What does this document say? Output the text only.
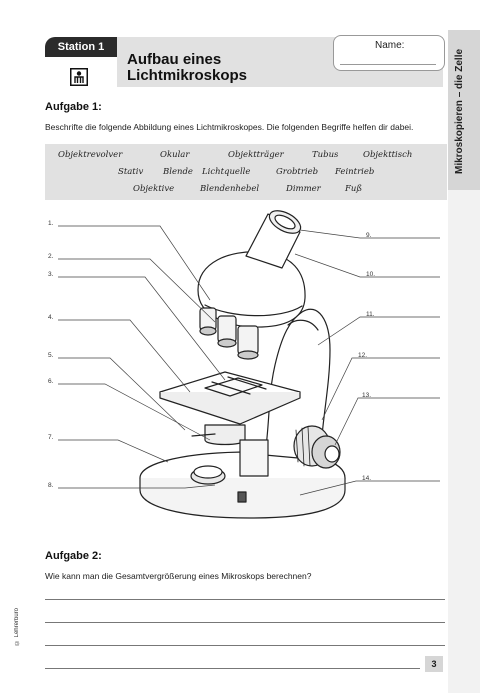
Mikroskopieren – die Zelle
Station 1
Aufbau eines
Lichtmikroskops
Name:
Aufgabe 1:
Beschrifte die folgende Abbildung eines Lichtmikroskopes. Die folgenden Begriffe helfen dir dabei.
Objektrevolver	Okular	Objektträger	Tubus	Objekttisch
Stativ Blende Lichtquelle	Grobtrieb Feintrieb
Objektive	Blendenhebel	Dimmer	Fuß
1.
2.
3.
4.
5.
6.
7.
8.
9.
10.
11.
12.
13.
14.
Aufgabe 2:
Wie kann man die Gesamtvergrößerung eines Mikroskops berechnen?
© Lehrerbüro
3
